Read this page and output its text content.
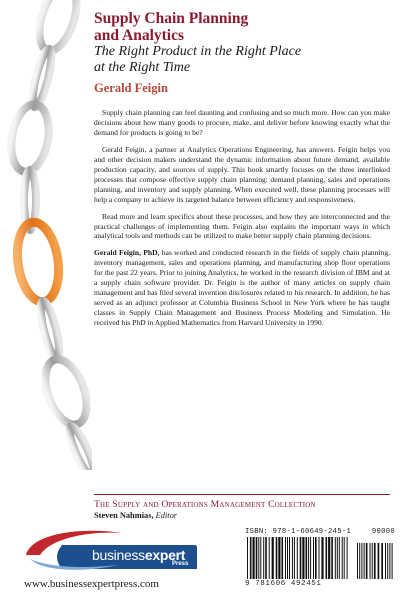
Supply Chain Planning
and Analytics
The Right Product in the Right Place
at the Right Time
Gerald Feigin

Supply chain planning can feel daunting and confusing and so much more. How can you make decisions about how many goods to procure, make, and deliver before knowing exactly what the demand for products is going to be?

Gerald Feigin, a partner at Analytics Operations Engineering, has answers. Feigin helps you and other decision makers understand the dynamic information about future demand, available production capacity, and sources of supply. This book smartly focuses on the three interlinked processes that compose effective supply chain planning: demand planning, sales and operations planning, and inventory and supply planning. When executed well, these planning processes will help a company to achieve its targeted balance between efficiency and responsiveness.

Read more and learn specifics about these processes, and how they are interconnected and the practical challenges of implementing them. Feigin also explains the important ways in which analytical tools and methods can be utilized to make better supply chain planning decisions.

Gerald Feigin, PhD, has worked and conducted research in the fields of supply chain planning, inventory management, sales and operations planning, and manufacturing shop floor operations for the past 22 years. Prior to joining Analytics, he worked in the research division of IBM and at a supply chain software provider. Dr. Feigin is the author of many articles on supply chain management and has filed several invention disclosures related to his research. In addition, he has served as an adjunct professor at Columbia Business School in New York where he has taught classes in Supply Chain Management and Business Process Modeling and Simulation. He received his PhD in Applied Mathematics from Harvard University in 1990.

The Supply and Operations Management Collection
Steven Nahmias, Editor
businessexpert
Press
www.businessexpertpress.com
ISBN: 978-1-60649-245-1	90000
9 781606 492451
